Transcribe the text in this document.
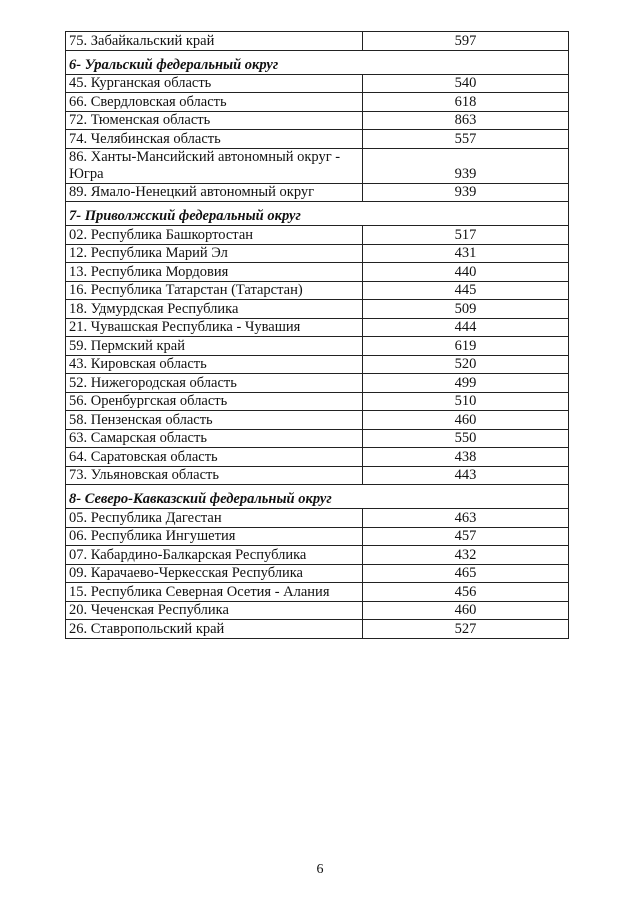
75. Забайкальский край	597
6- Уральский федеральный округ	
45. Курганская область	540
66. Свердловская область	618
72. Тюменская область	863
74. Челябинская область	557
86. Ханты-Мансийский автономный округ - Югра	939
89. Ямало-Ненецкий автономный округ	939
7- Приволжский федеральный округ	
02. Республика Башкортостан	517
12. Республика Марий Эл	431
13. Республика Мордовия	440
16. Республика Татарстан (Татарстан)	445
18. Удмурдская Республика	509
21. Чувашская Республика - Чувашия	444
59. Пермский край	619
43. Кировская область	520
52. Нижегородская область	499
56. Оренбургская область	510
58. Пензенская область	460
63. Самарская область	550
64. Саратовская область	438
73. Ульяновская область	443
8- Северо-Кавказский федеральный округ	
05. Республика Дагестан	463
06. Республика Ингушетия	457
07. Кабардино-Балкарская Республика	432
09. Карачаево-Черкесская Республика	465
15. Республика Северная Осетия - Алания	456
20. Чеченская Республика	460
26. Ставропольский край	527
6
